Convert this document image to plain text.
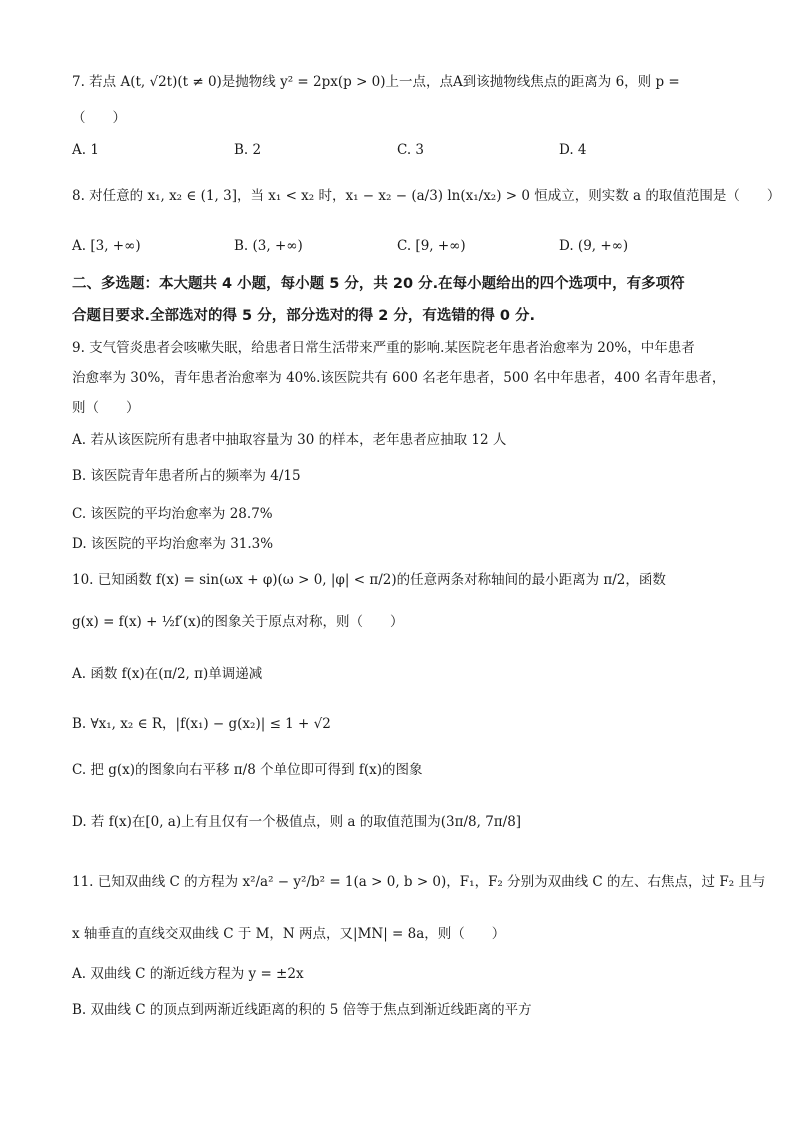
7. 若点 A(t, √2t)(t ≠ 0)是抛物线 y² = 2px(p > 0)上一点，点A到该抛物线焦点的距离为 6，则 p =
（　　）
A. 1	B. 2	C. 3	D. 4
8. 对任意的 x₁, x₂ ∈ (1, 3]，当 x₁ < x₂ 时，x₁ − x₂ − (a/3) ln(x₁/x₂) > 0 恒成立，则实数 a 的取值范围是（　　）
A. [3, +∞)	B. (3, +∞)	C. [9, +∞)	D. (9, +∞)
二、多选题：本大题共 4 小题，每小题 5 分，共 20 分.在每小题给出的四个选项中，有多项符
合题目要求.全部选对的得 5 分，部分选对的得 2 分，有选错的得 0 分.
9. 支气管炎患者会咳嗽失眠，给患者日常生活带来严重的影响.某医院老年患者治愈率为 20%，中年患者
治愈率为 30%，青年患者治愈率为 40%.该医院共有 600 名老年患者，500 名中年患者，400 名青年患者，
则（　　）
A. 若从该医院所有患者中抽取容量为 30 的样本，老年患者应抽取 12 人
B. 该医院青年患者所占的频率为 4/15
C. 该医院的平均治愈率为 28.7%
D. 该医院的平均治愈率为 31.3%
10. 已知函数 f(x) = sin(ωx + φ)(ω > 0, |φ| < π/2)的任意两条对称轴间的最小距离为 π/2，函数
g(x) = f(x) + ½f′(x)的图象关于原点对称，则（　　）
A. 函数 f(x)在(π/2, π)单调递减
B. ∀x₁, x₂ ∈ R，|f(x₁) − g(x₂)| ≤ 1 + √2
C. 把 g(x)的图象向右平移 π/8 个单位即可得到 f(x)的图象
D. 若 f(x)在[0, a)上有且仅有一个极值点，则 a 的取值范围为(3π/8, 7π/8]
11. 已知双曲线 C 的方程为 x²/a² − y²/b² = 1(a > 0, b > 0)，F₁，F₂ 分别为双曲线 C 的左、右焦点，过 F₂ 且与
x 轴垂直的直线交双曲线 C 于 M，N 两点，又|MN| = 8a，则（　　）
A. 双曲线 C 的渐近线方程为 y = ±2x
B. 双曲线 C 的顶点到两渐近线距离的积的 5 倍等于焦点到渐近线距离的平方
